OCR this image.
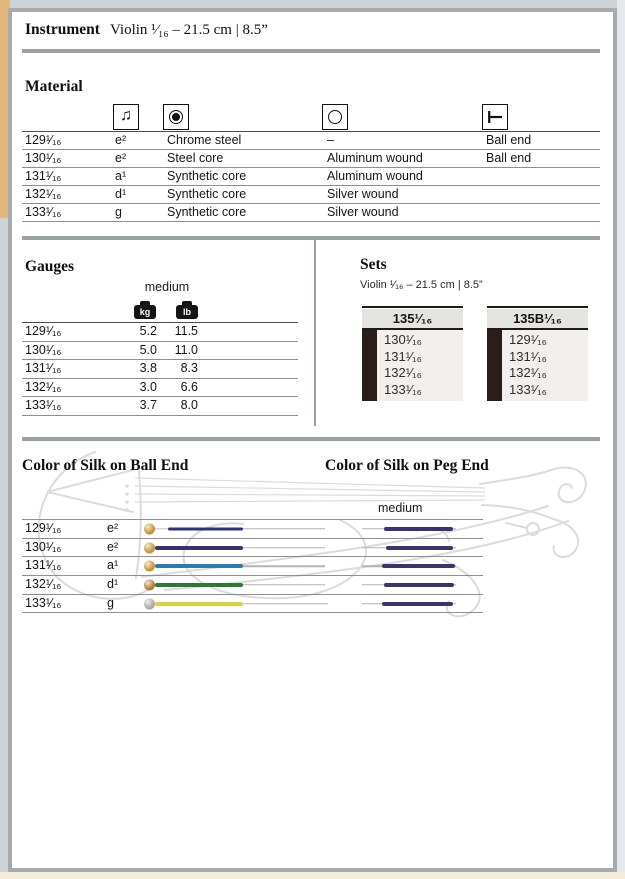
Instrument Violin ¹⁄₁₆ – 21.5 cm | 8.5”
Material
♫
129¹⁄₁₆	e²	Chrome steel	–	Ball end
130¹⁄₁₆	e²	Steel core	Aluminum wound	Ball end
131¹⁄₁₆	a¹	Synthetic core	Aluminum wound
132¹⁄₁₆	d¹	Synthetic core	Silver wound
133¹⁄₁₆	g	Synthetic core	Silver wound
Gauges
medium
kg	lb
129¹⁄₁₆	5.2	11.5
130¹⁄₁₆	5.0	11.0
131¹⁄₁₆	3.8	8.3
132¹⁄₁₆	3.0	6.6
133¹⁄₁₆	3.7	8.0
Sets
Violin ¹⁄₁₆ – 21.5 cm | 8.5”
135¹⁄₁₆
130¹⁄₁₆
131¹⁄₁₆
132¹⁄₁₆
133¹⁄₁₆
135B¹⁄₁₆
129¹⁄₁₆
131¹⁄₁₆
132¹⁄₁₆
133¹⁄₁₆
Color of Silk on Ball End	Color of Silk on Peg End
medium
129¹⁄₁₆	e²
130¹⁄₁₆	e²
131¹⁄₁₆	a¹
132¹⁄₁₆	d¹
133¹⁄₁₆	g
